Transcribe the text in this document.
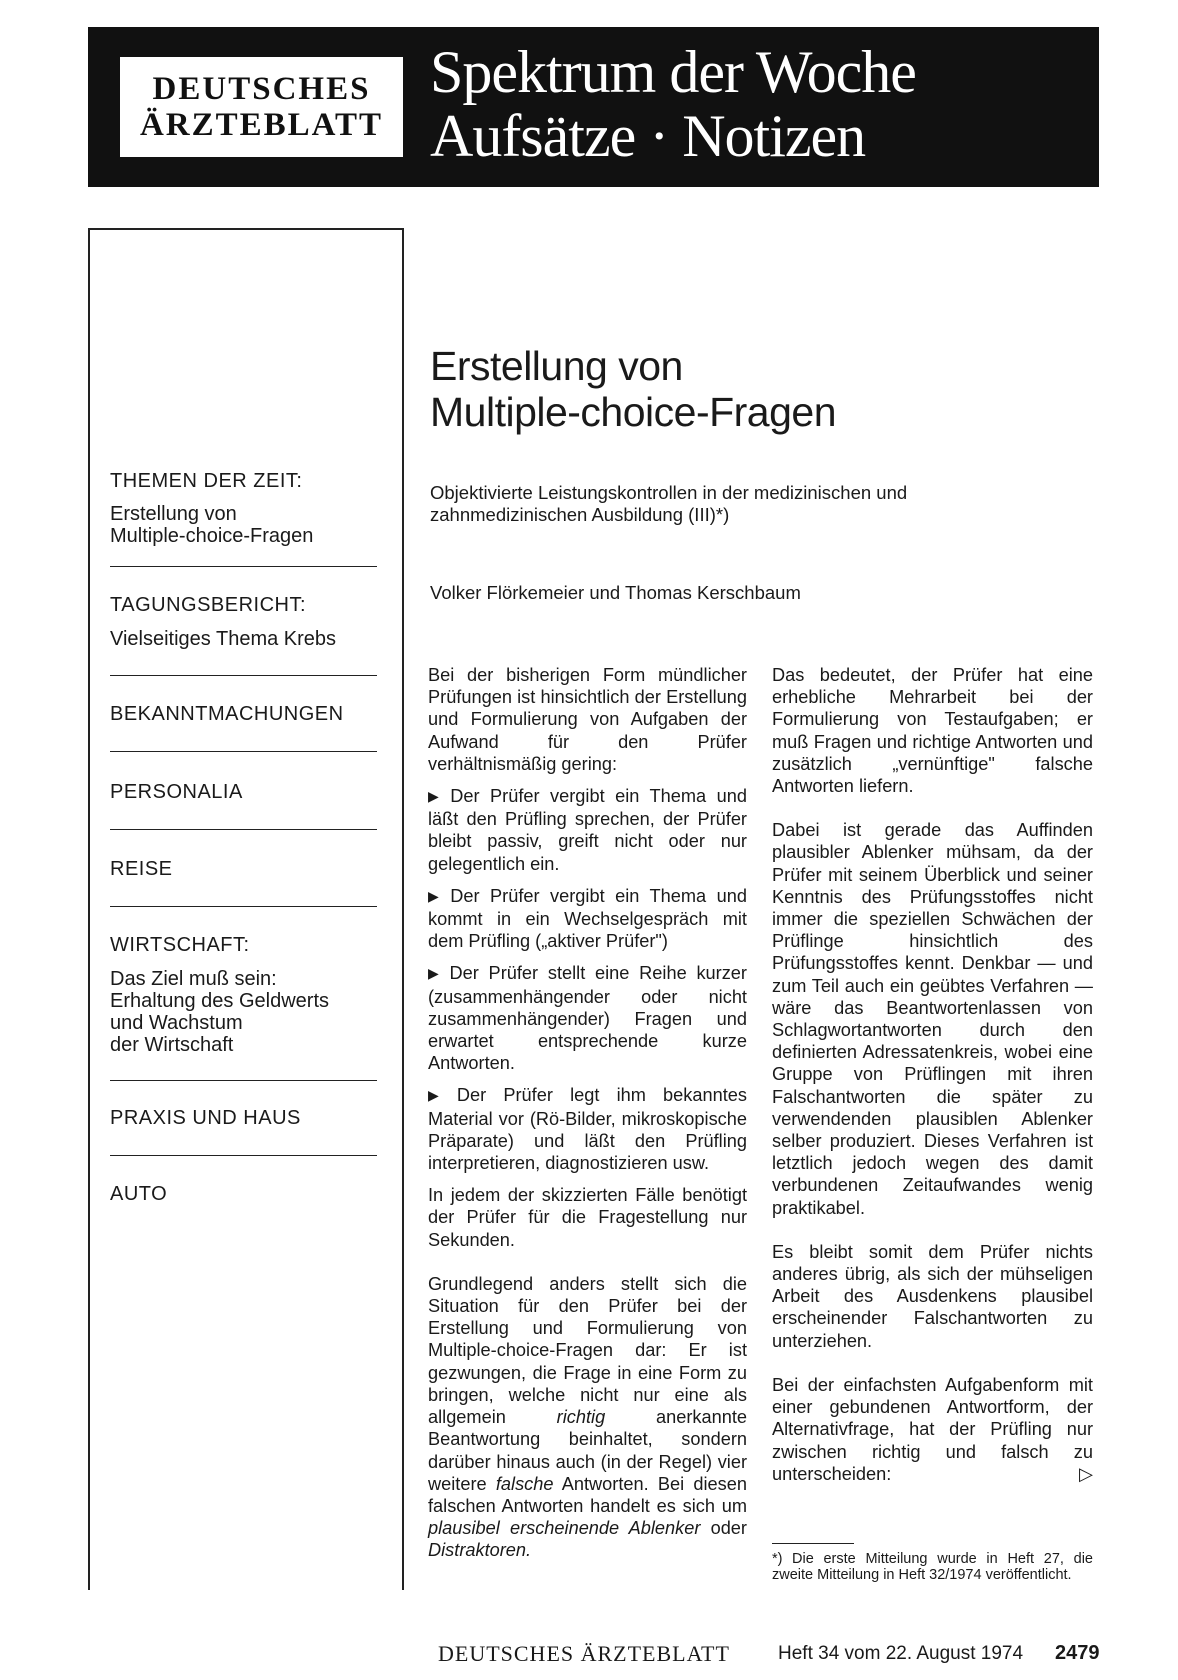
DEUTSCHES
ÄRZTEBLATT
Spektrum der Woche
Aufsätze · Notizen
THEMEN DER ZEIT:
Erstellung von
Multiple-choice-Fragen
TAGUNGSBERICHT:
Vielseitiges Thema Krebs
BEKANNTMACHUNGEN
PERSONALIA
REISE
WIRTSCHAFT:
Das Ziel muß sein:
Erhaltung des Geldwerts
und Wachstum
der Wirtschaft
PRAXIS UND HAUS
AUTO
Erstellung von
Multiple-choice-Fragen
Objektivierte Leistungskontrollen in der medizinischen und zahnmedizinischen Ausbildung (III)*)
Volker Flörkemeier und Thomas Kerschbaum

Bei der bisherigen Form mündlicher Prüfungen ist hinsichtlich der Erstellung und Formulierung von Aufgaben der Aufwand für den Prüfer verhältnismäßig gering:

▶ Der Prüfer vergibt ein Thema und läßt den Prüfling sprechen, der Prüfer bleibt passiv, greift nicht oder nur gelegentlich ein.

▶ Der Prüfer vergibt ein Thema und kommt in ein Wechselgespräch mit dem Prüfling („aktiver Prüfer")

▶ Der Prüfer stellt eine Reihe kurzer (zusammenhängender oder nicht zusammenhängender) Fragen und erwartet entsprechende kurze Antworten.

▶ Der Prüfer legt ihm bekanntes Material vor (Rö-Bilder, mikroskopische Präparate) und läßt den Prüfling interpretieren, diagnostizieren usw.

In jedem der skizzierten Fälle benötigt der Prüfer für die Fragestellung nur Sekunden.

Grundlegend anders stellt sich die Situation für den Prüfer bei der Erstellung und Formulierung von Multiple-choice-Fragen dar: Er ist gezwungen, die Frage in eine Form zu bringen, welche nicht nur eine als allgemein richtig anerkannte Beantwortung beinhaltet, sondern darüber hinaus auch (in der Regel) vier weitere falsche Antworten. Bei diesen falschen Antworten handelt es sich um plausibel erscheinende Ablenker oder Distraktoren.

Das bedeutet, der Prüfer hat eine erhebliche Mehrarbeit bei der Formulierung von Testaufgaben; er muß Fragen und richtige Antworten und zusätzlich „vernünftige" falsche Antworten liefern.

Dabei ist gerade das Auffinden plausibler Ablenker mühsam, da der Prüfer mit seinem Überblick und seiner Kenntnis des Prüfungsstoffes nicht immer die speziellen Schwächen der Prüflinge hinsichtlich des Prüfungsstoffes kennt. Denkbar — und zum Teil auch ein geübtes Verfahren — wäre das Beantwortenlassen von Schlagwortantworten durch den definierten Adressatenkreis, wobei eine Gruppe von Prüflingen mit ihren Falschantworten die später zu verwendenden plausiblen Ablenker selber produziert. Dieses Verfahren ist letztlich jedoch wegen des damit verbundenen Zeitaufwandes wenig praktikabel.

Es bleibt somit dem Prüfer nichts anderes übrig, als sich der mühseligen Arbeit des Ausdenkens plausibel erscheinender Falschantworten zu unterziehen.

Bei der einfachsten Aufgabenform mit einer gebundenen Antwortform, der Alternativfrage, hat der Prüfling nur zwischen richtig und falsch zu unterscheiden:	▷

*) Die erste Mitteilung wurde in Heft 27, die zweite Mitteilung in Heft 32/1974 veröffentlicht.
DEUTSCHES ÄRZTEBLATT	Heft 34 vom 22. August 1974 2479
